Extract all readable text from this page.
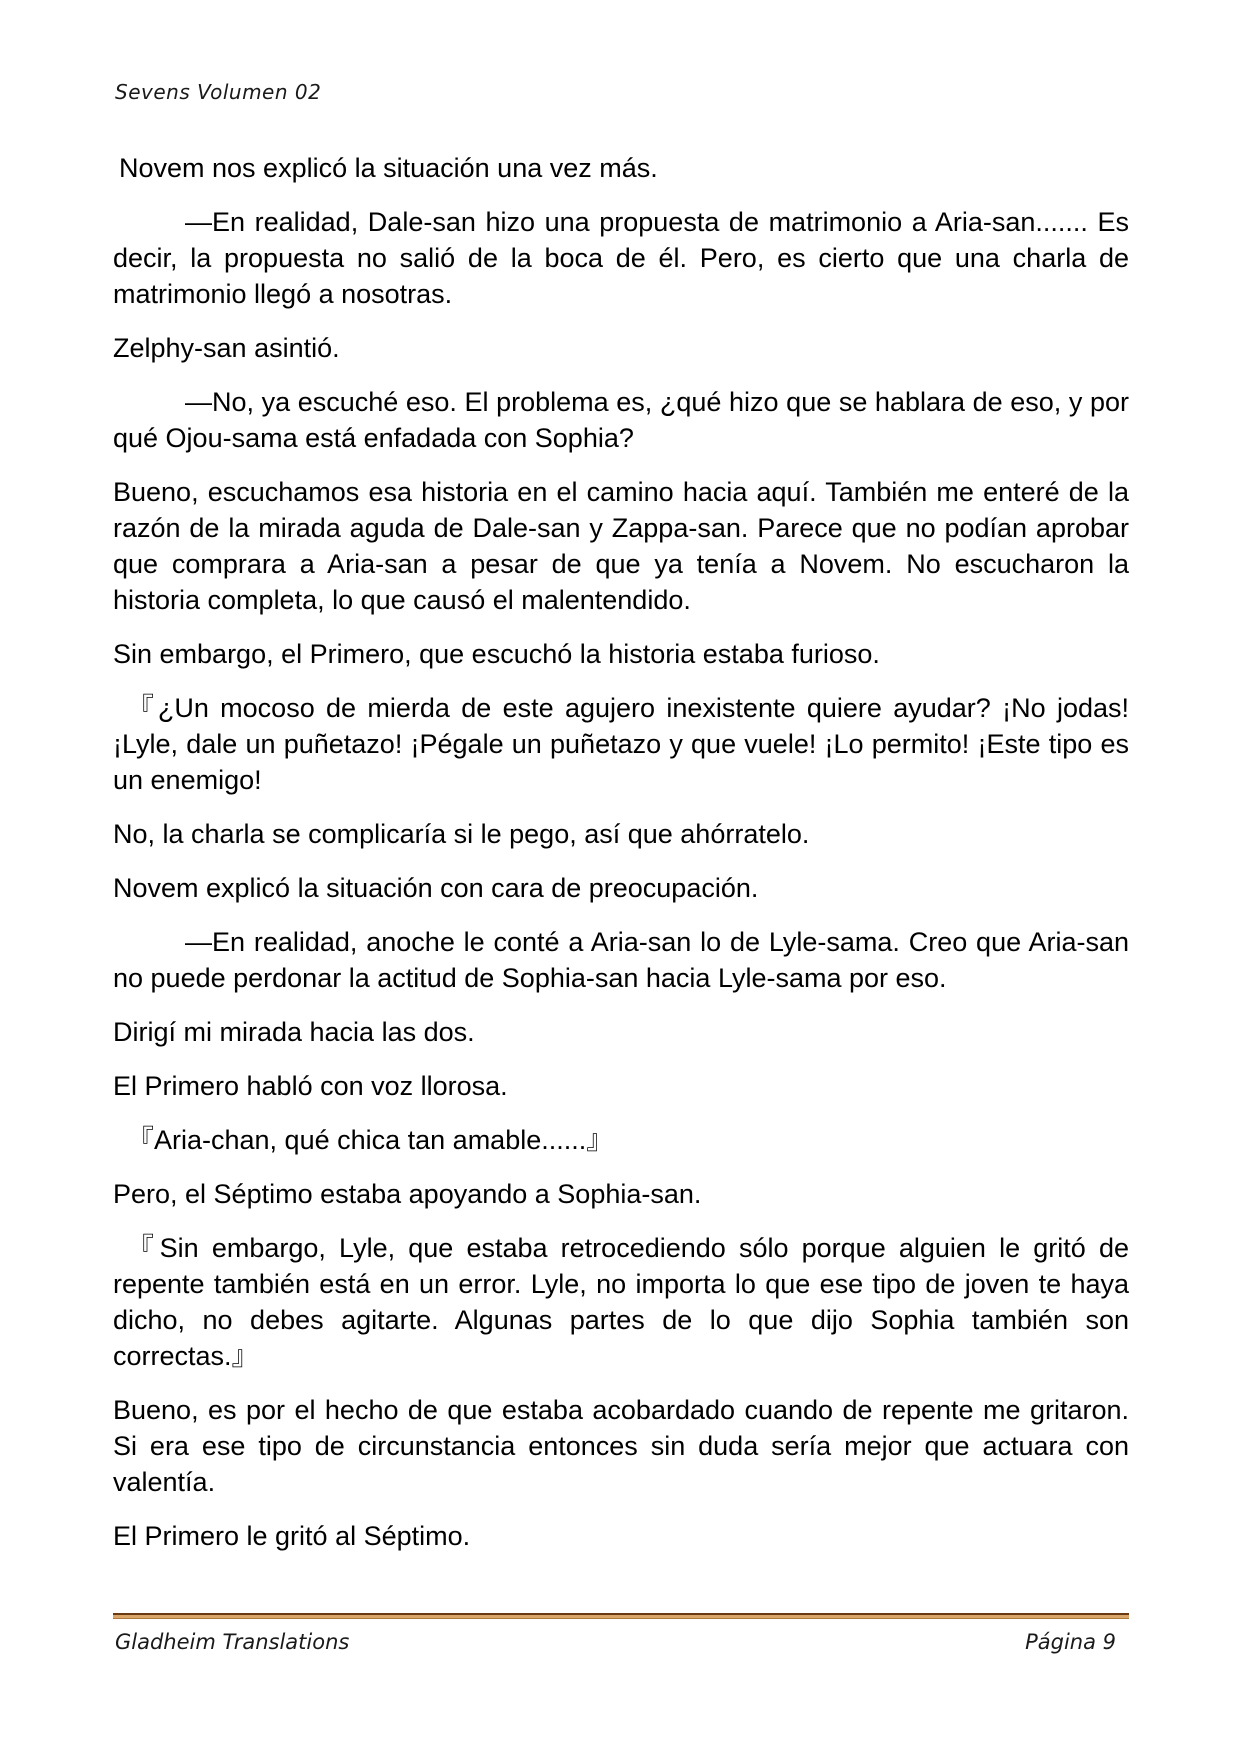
Sevens Volumen 02

Novem nos explicó la situación una vez más.

—En realidad, Dale-san hizo una propuesta de matrimonio a Aria-san....... Es decir, la propuesta no salió de la boca de él. Pero, es cierto que una charla de matrimonio llegó a nosotras.

Zelphy-san asintió.

—No, ya escuché eso. El problema es, ¿qué hizo que se hablara de eso, y por qué Ojou-sama está enfadada con Sophia?

Bueno, escuchamos esa historia en el camino hacia aquí. También me enteré de la razón de la mirada aguda de Dale-san y Zappa-san. Parece que no podían aprobar que comprara a Aria-san a pesar de que ya tenía a Novem. No escucharon la historia completa, lo que causó el malentendido.

Sin embargo, el Primero, que escuchó la historia estaba furioso.

『¿Un mocoso de mierda de este agujero inexistente quiere ayudar? ¡No jodas! ¡Lyle, dale un puñetazo! ¡Pégale un puñetazo y que vuele! ¡Lo permito! ¡Este tipo es un enemigo!

No, la charla se complicaría si le pego, así que ahórratelo.

Novem explicó la situación con cara de preocupación.

—En realidad, anoche le conté a Aria-san lo de Lyle-sama. Creo que Aria-san no puede perdonar la actitud de Sophia-san hacia Lyle-sama por eso.

Dirigí mi mirada hacia las dos.

El Primero habló con voz llorosa.

『Aria-chan, qué chica tan amable......』

Pero, el Séptimo estaba apoyando a Sophia-san.

『Sin embargo, Lyle, que estaba retrocediendo sólo porque alguien le gritó de repente también está en un error. Lyle, no importa lo que ese tipo de joven te haya dicho, no debes agitarte. Algunas partes de lo que dijo Sophia también son correctas.』

Bueno, es por el hecho de que estaba acobardado cuando de repente me gritaron. Si era ese tipo de circunstancia entonces sin duda sería mejor que actuara con valentía.

El Primero le gritó al Séptimo.

Gladheim Translations	Página 9
